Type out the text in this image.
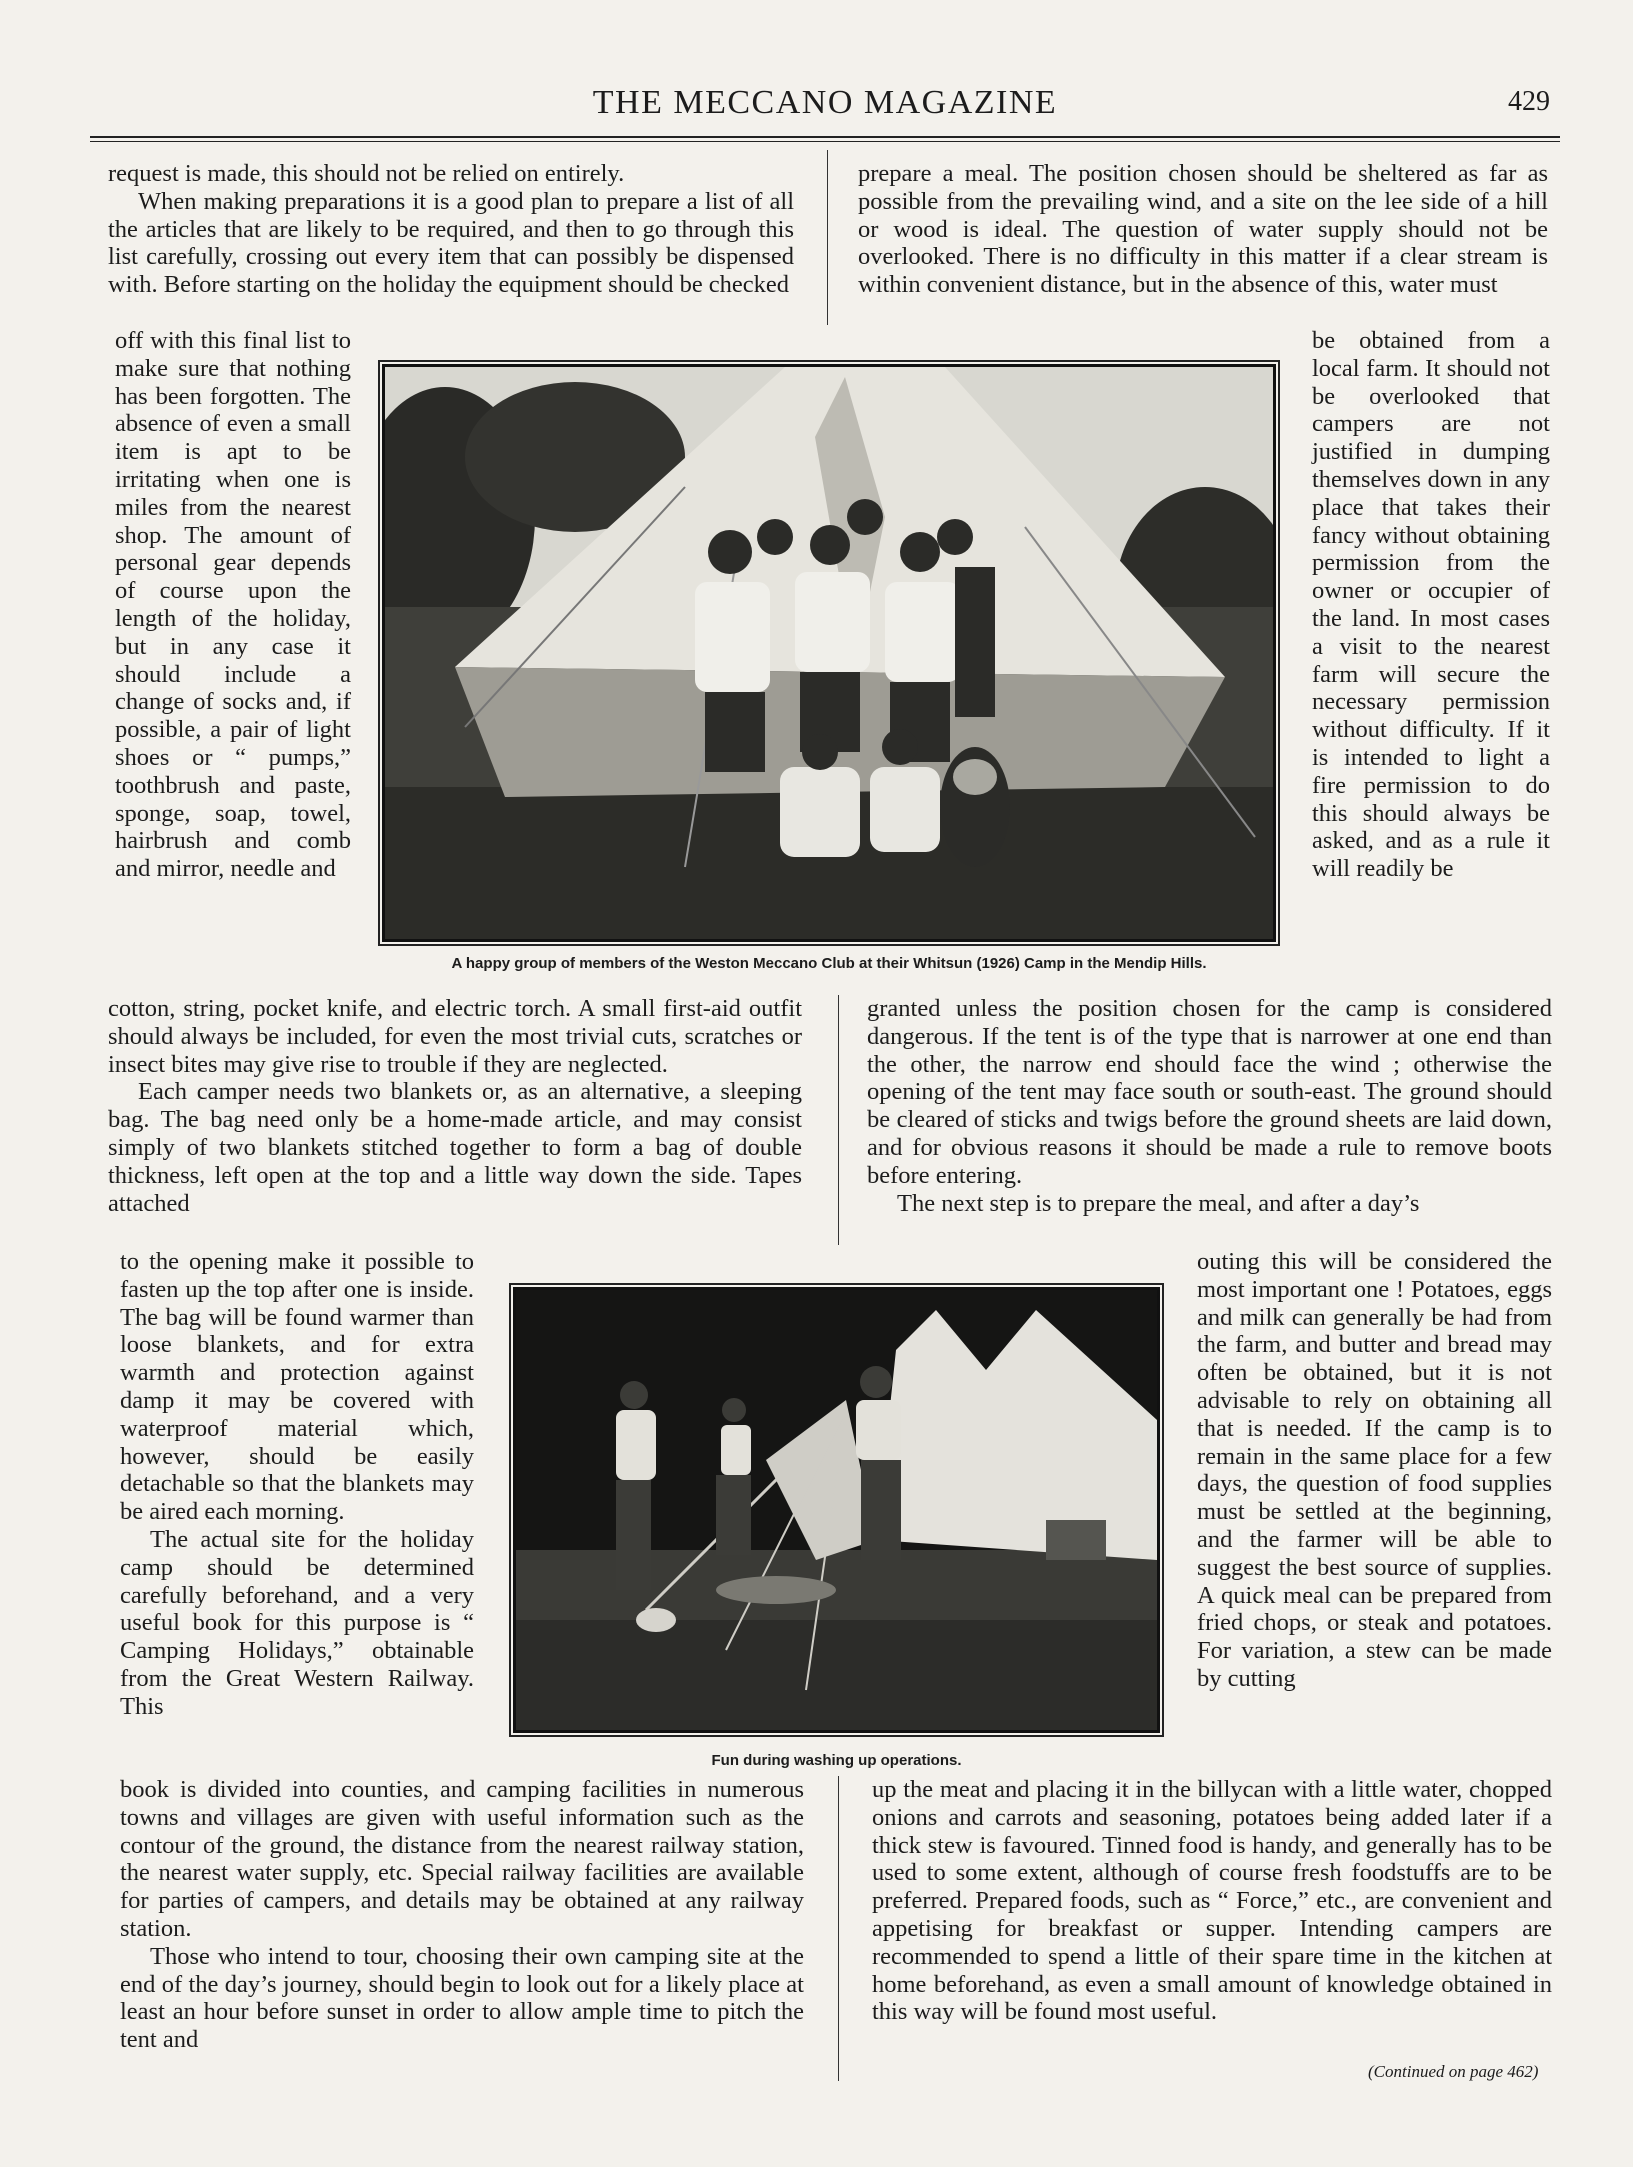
THE MECCANO MAGAZINE	429

request is made, this should not be relied on entirely.

When making preparations it is a good plan to prepare a list of all the articles that are likely to be required, and then to go through this list carefully, crossing out every item that can possibly be dispensed with. Before starting on the holiday the equipment should be checked

prepare a meal. The position chosen should be sheltered as far as possible from the prevailing wind, and a site on the lee side of a hill or wood is ideal. The question of water supply should not be overlooked. There is no difficulty in this matter if a clear stream is within convenient distance, but in the absence of this, water must

off with this final list to make sure that nothing has been forgotten. The absence of even a small item is apt to be irritating when one is miles from the nearest shop. The amount of personal gear depends of course upon the length of the holiday, but in any case it should include a change of socks and, if possible, a pair of light shoes or “ pumps,” toothbrush and paste, sponge, soap, towel, hairbrush and comb and mirror, needle and

be obtained from a local farm. It should not be overlooked that campers are not justified in dumping themselves down in any place that takes their fancy without obtaining permission from the owner or occupier of the land. In most cases a visit to the nearest farm will secure the necessary permission without difficulty. If it is intended to light a fire permission to do this should always be asked, and as a rule it will readily be

A happy group of members of the Weston Meccano Club at their Whitsun (1926) Camp in the Mendip Hills.

cotton, string, pocket knife, and electric torch. A small first-aid outfit should always be included, for even the most trivial cuts, scratches or insect bites may give rise to trouble if they are neglected.

Each camper needs two blankets or, as an alternative, a sleeping bag. The bag need only be a home-made article, and may consist simply of two blankets stitched together to form a bag of double thickness, left open at the top and a little way down the side. Tapes attached

granted unless the position chosen for the camp is considered dangerous. If the tent is of the type that is narrower at one end than the other, the narrow end should face the wind ; otherwise the opening of the tent may face south or south-east. The ground should be cleared of sticks and twigs before the ground sheets are laid down, and for obvious reasons it should be made a rule to remove boots before entering.

The next step is to prepare the meal, and after a day’s

to the opening make it possible to fasten up the top after one is inside. The bag will be found warmer than loose blankets, and for extra warmth and protection against damp it may be covered with waterproof material which, however, should be easily detachable so that the blankets may be aired each morning.

The actual site for the holiday camp should be determined carefully beforehand, and a very useful book for this purpose is “ Camping Holidays,” obtainable from the Great Western Railway. This

outing this will be considered the most important one ! Potatoes, eggs and milk can generally be had from the farm, and butter and bread may often be obtained, but it is not advisable to rely on obtaining all that is needed. If the camp is to remain in the same place for a few days, the question of food supplies must be settled at the beginning, and the farmer will be able to suggest the best source of supplies. A quick meal can be prepared from fried chops, or steak and potatoes. For variation, a stew can be made by cutting

Fun during washing up operations.

book is divided into counties, and camping facilities in numerous towns and villages are given with useful information such as the contour of the ground, the distance from the nearest railway station, the nearest water supply, etc. Special railway facilities are available for parties of campers, and details may be obtained at any railway station.

Those who intend to tour, choosing their own camping site at the end of the day’s journey, should begin to look out for a likely place at least an hour before sunset in order to allow ample time to pitch the tent and

up the meat and placing it in the billycan with a little water, chopped onions and carrots and seasoning, potatoes being added later if a thick stew is favoured. Tinned food is handy, and generally has to be used to some extent, although of course fresh foodstuffs are to be preferred. Prepared foods, such as “ Force,” etc., are convenient and appetising for breakfast or supper. Intending campers are recommended to spend a little of their spare time in the kitchen at home beforehand, as even a small amount of knowledge obtained in this way will be found most useful.

(Continued on page 462)
